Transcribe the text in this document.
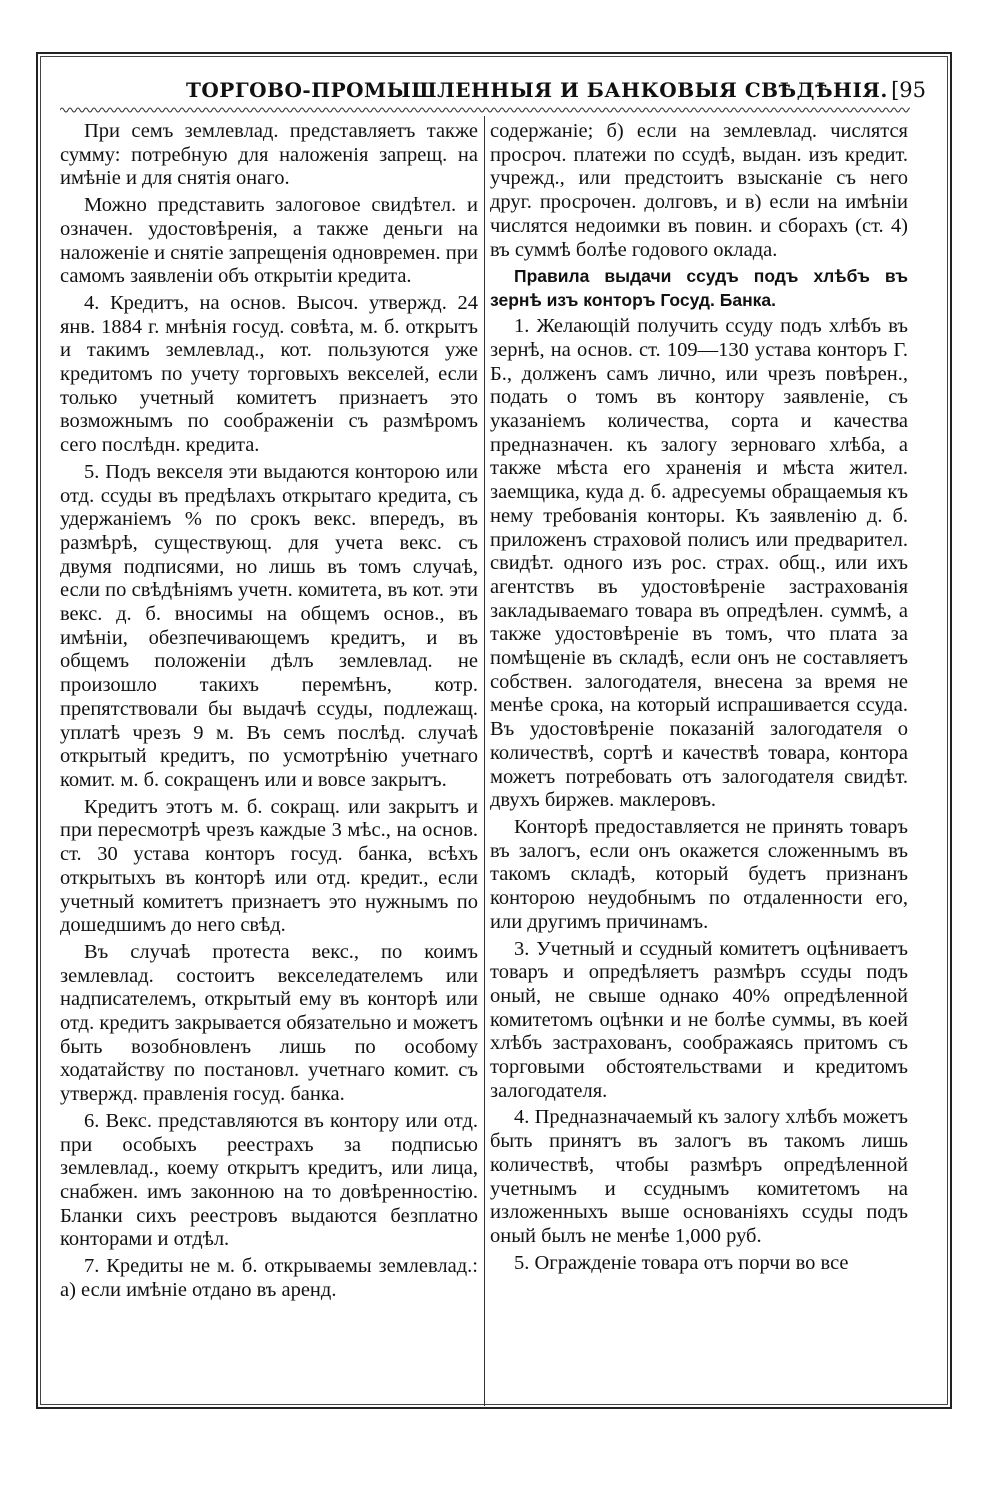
ТОРГОВО-ПРОМЫШЛЕННЫЯ И БАНКОВЫЯ СВѢДѢНІЯ. [95

При семъ землевлад. представляетъ также сумму: потребную для наложенія запрещ. на имѣніе и для снятія онаго.

Можно представить залоговое свидѣтел. и означен. удостовѣренія, а также деньги на наложеніе и снятіе запрещенія одновремен. при самомъ заявленіи объ открытіи кредита.

4. Кредитъ, на основ. Высоч. утвержд. 24 янв. 1884 г. мнѣнія госуд. совѣта, м. б. открытъ и такимъ землевлад., кот. пользуются уже кредитомъ по учету торговыхъ векселей, если только учетный комитетъ признаетъ это возможнымъ по соображеніи съ размѣромъ сего послѣдн. кредита.

5. Подъ векселя эти выдаются конторою или отд. ссуды въ предѣлахъ открытаго кредита, съ удержаніемъ % по срокъ векс. впередъ, въ размѣрѣ, существующ. для учета векс. съ двумя подписями, но лишь въ томъ случаѣ, если по свѣдѣніямъ учетн. комитета, въ кот. эти векс. д. б. вносимы на общемъ основ., въ имѣніи, обезпечивающемъ кредитъ, и въ общемъ положеніи дѣлъ землевлад. не произошло такихъ перемѣнъ, котр. препятствовали бы выдачѣ ссуды, подлежащ. уплатѣ чрезъ 9 м. Въ семъ послѣд. случаѣ открытый кредитъ, по усмотрѣнію учетнаго комит. м. б. сокращенъ или и вовсе закрытъ.

Кредитъ этотъ м. б. сокращ. или закрытъ и при пересмотрѣ чрезъ каждые 3 мѣс., на основ. ст. 30 устава конторъ госуд. банка, всѣхъ открытыхъ въ конторѣ или отд. кредит., если учетный комитетъ признаетъ это нужнымъ по дошедшимъ до него свѣд.

Въ случаѣ протеста векс., по коимъ землевлад. состоитъ векселедателемъ или надписателемъ, открытый ему въ конторѣ или отд. кредитъ закрывается обязательно и можетъ быть возобновленъ лишь по особому ходатайству по постановл. учетнаго комит. съ утвержд. правленія госуд. банка.

6. Векс. представляются въ контору или отд. при особыхъ реестрахъ за подписью землевлад., коему открытъ кредитъ, или лица, снабжен. имъ законною на то довѣренностію. Бланки сихъ реестровъ выдаются безплатно конторами и отдѣл.

7. Кредиты не м. б. открываемы землевлад.: а) если имѣніе отдано въ аренд.

содержаніе; б) если на землевлад. числятся просроч. платежи по ссудѣ, выдан. изъ кредит. учрежд., или предстоитъ взысканіе съ него друг. просрочен. долговъ, и в) если на имѣніи числятся недоимки въ повин. и сборахъ (ст. 4) въ суммѣ болѣе годового оклада.

Правила выдачи ссудъ подъ хлѣбъ въ зернѣ изъ конторъ Госуд. Банка.

1. Желающій получить ссуду подъ хлѣбъ въ зернѣ, на основ. ст. 109—130 устава конторъ Г. Б., долженъ самъ лично, или чрезъ повѣрен., подать о томъ въ контору заявленіе, съ указаніемъ количества, сорта и качества предназначен. къ залогу зерноваго хлѣба, а также мѣста его храненія и мѣста жител. заемщика, куда д. б. адресуемы обращаемыя къ нему требованія конторы. Къ заявленію д. б. приложенъ страховой полисъ или предварител. свидѣт. одного изъ рос. страх. общ., или ихъ агентствъ въ удостовѣреніе застрахованія закладываемаго товара въ опредѣлен. суммѣ, а также удостовѣреніе въ томъ, что плата за помѣщеніе въ складѣ, если онъ не составляетъ собствен. залогодателя, внесена за время не менѣе срока, на который испрашивается ссуда. Въ удостовѣреніе показаній залогодателя о количествѣ, сортѣ и качествѣ товара, контора можетъ потребовать отъ залогодателя свидѣт. двухъ биржев. маклеровъ.

Конторѣ предоставляется не принять товаръ въ залогъ, если онъ окажется сложеннымъ въ такомъ складѣ, который будетъ признанъ конторою неудобнымъ по отдаленности его, или другимъ причинамъ.

3. Учетный и ссудный комитетъ оцѣниваетъ товаръ и опредѣляетъ размѣръ ссуды подъ оный, не свыше однако 40% опредѣленной комитетомъ оцѣнки и не болѣе суммы, въ коей хлѣбъ застрахованъ, соображаясь притомъ съ торговыми обстоятельствами и кредитомъ залогодателя.

4. Предназначаемый къ залогу хлѣбъ можетъ быть принятъ въ залогъ въ такомъ лишь количествѣ, чтобы размѣръ опредѣленной учетнымъ и ссуднымъ комитетомъ на изложенныхъ выше основаніяхъ ссуды подъ оный былъ не менѣе 1,000 руб.

5. Огражденіе товара отъ порчи во все
